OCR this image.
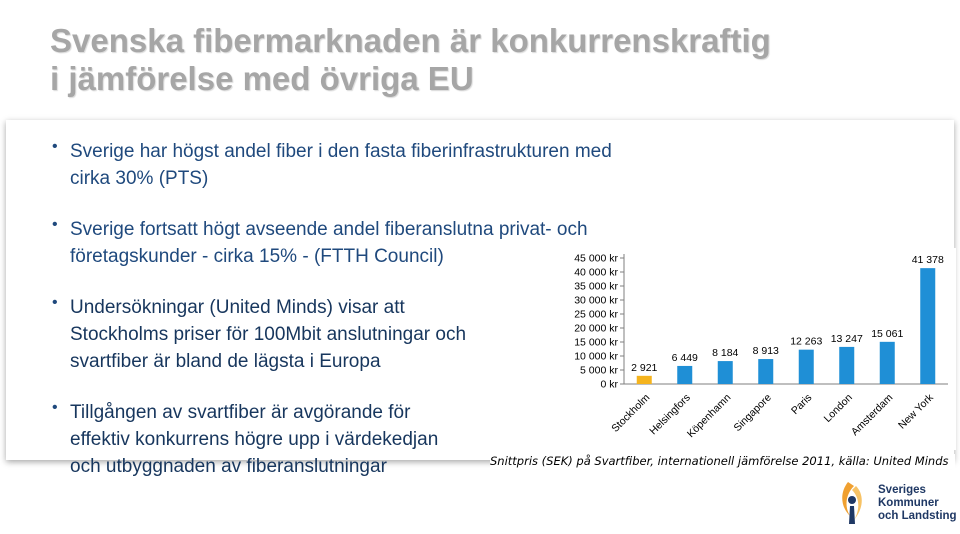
Svenska fibermarknaden är konkurrenskraftig
i jämförelse med övriga EU
• Sverige har högst andel fiber i den fasta fiberinfrastrukturen med
cirka 30% (PTS)
• Sverige fortsatt högt avseende andel fiberanslutna privat- och
företagskunder - cirka 15% - (FTTH Council)
• Undersökningar (United Minds) visar att
Stockholms priser för 100Mbit anslutningar och
svartfiber är bland de lägsta i Europa
• Tillgången av svartfiber är avgörande för
effektiv konkurrens högre upp i värdekedjan
och utbyggnaden av fiberanslutningar
0 kr
5 000 kr
10 000 kr
15 000 kr
20 000 kr
25 000 kr
30 000 kr
35 000 kr
40 000 kr
45 000 kr
2 921
Stockholm
6 449
Helsingfors
8 184
Köpenhamn
8 913
Singapore
12 263
Paris
13 247
London
15 061
Amsterdam
41 378
New York
Snittpris (SEK) på Svartfiber, internationell jämförelse 2011, källa: United Minds
Sveriges
Kommuner
och Landsting
